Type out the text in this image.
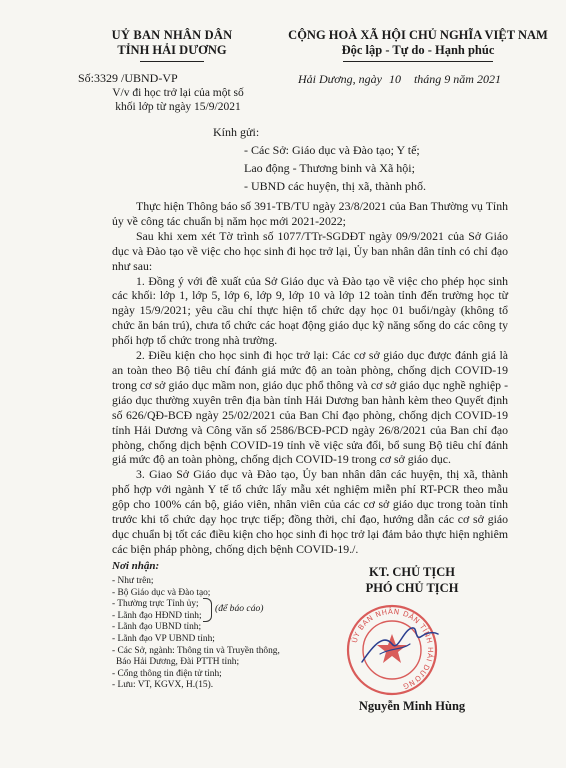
UỶ BAN NHÂN DÂN
TỈNH HẢI DƯƠNG
CỘNG HOÀ XÃ HỘI CHỦ NGHĨA VIỆT NAM
Độc lập - Tự do - Hạnh phúc
Số:3329 /UBND-VP
V/v đi học trở lại của một số
khối lớp từ ngày 15/9/2021
Hải Dương, ngày 10 tháng 9 năm 2021
Kính gửi:
- Các Sở: Giáo dục và Đào tạo; Y tế;
Lao động - Thương binh và Xã hội;
- UBND các huyện, thị xã, thành phố.

Thực hiện Thông báo số 391-TB/TU ngày 23/8/2021 của Ban Thường vụ Tỉnh ủy về công tác chuẩn bị năm học mới 2021-2022;

Sau khi xem xét Tờ trình số 1077/TTr-SGDĐT ngày 09/9/2021 của Sở Giáo dục và Đào tạo về việc cho học sinh đi học trở lại, Ủy ban nhân dân tỉnh có chỉ đạo như sau:

1. Đồng ý với đề xuất của Sở Giáo dục và Đào tạo về việc cho phép học sinh các khối: lớp 1, lớp 5, lớp 6, lớp 9, lớp 10 và lớp 12 toàn tỉnh đến trường học từ ngày 15/9/2021; yêu cầu chỉ thực hiện tổ chức dạy học 01 buổi/ngày (không tổ chức ăn bán trú), chưa tổ chức các hoạt động giáo dục kỹ năng sống do các công ty phối hợp tổ chức trong nhà trường.

2. Điều kiện cho học sinh đi học trở lại: Các cơ sở giáo dục được đánh giá là an toàn theo Bộ tiêu chí đánh giá mức độ an toàn phòng, chống dịch COVID-19 trong cơ sở giáo dục mầm non, giáo dục phổ thông và cơ sở giáo dục nghề nghiệp - giáo dục thường xuyên trên địa bàn tỉnh Hải Dương ban hành kèm theo Quyết định số 626/QĐ-BCĐ ngày 25/02/2021 của Ban Chỉ đạo phòng, chống dịch COVID-19 tỉnh Hải Dương và Công văn số 2586/BCĐ-PCD ngày 26/8/2021 của Ban chỉ đạo phòng, chống dịch bệnh COVID-19 tỉnh về việc sửa đổi, bổ sung Bộ tiêu chí đánh giá mức độ an toàn phòng, chống dịch COVID-19 trong cơ sở giáo dục.

3. Giao Sở Giáo dục và Đào tạo, Ủy ban nhân dân các huyện, thị xã, thành phố hợp với ngành Y tế tổ chức lấy mẫu xét nghiệm miễn phí RT-PCR theo mẫu gộp cho 100% cán bộ, giáo viên, nhân viên của các cơ sở giáo dục trong toàn tỉnh trước khi tổ chức dạy học trực tiếp; đồng thời, chỉ đạo, hướng dẫn các cơ sở giáo dục chuẩn bị tốt các điều kiện cho học sinh đi học trở lại đảm bảo thực hiện nghiêm các biện pháp phòng, chống dịch bệnh COVID-19./.

Nơi nhận:
- Như trên;
- Bộ Giáo dục và Đào tạo;
- Thường trực Tỉnh ủy;
- Lãnh đạo HĐND tỉnh;
- Lãnh đạo UBND tỉnh;
- Lãnh đạo VP UBND tỉnh;
- Các Sở, ngành: Thông tin và Truyền thông,
Báo Hải Dương, Đài PTTH tỉnh;
- Cổng thông tin điện tử tỉnh;
- Lưu: VT, KGVX, H.(15).
(để báo cáo)
KT. CHỦ TỊCH
PHÓ CHỦ TỊCH
ỦY BAN NHÂN DÂN TỈNH HẢI DƯƠNG
Nguyễn Minh Hùng
